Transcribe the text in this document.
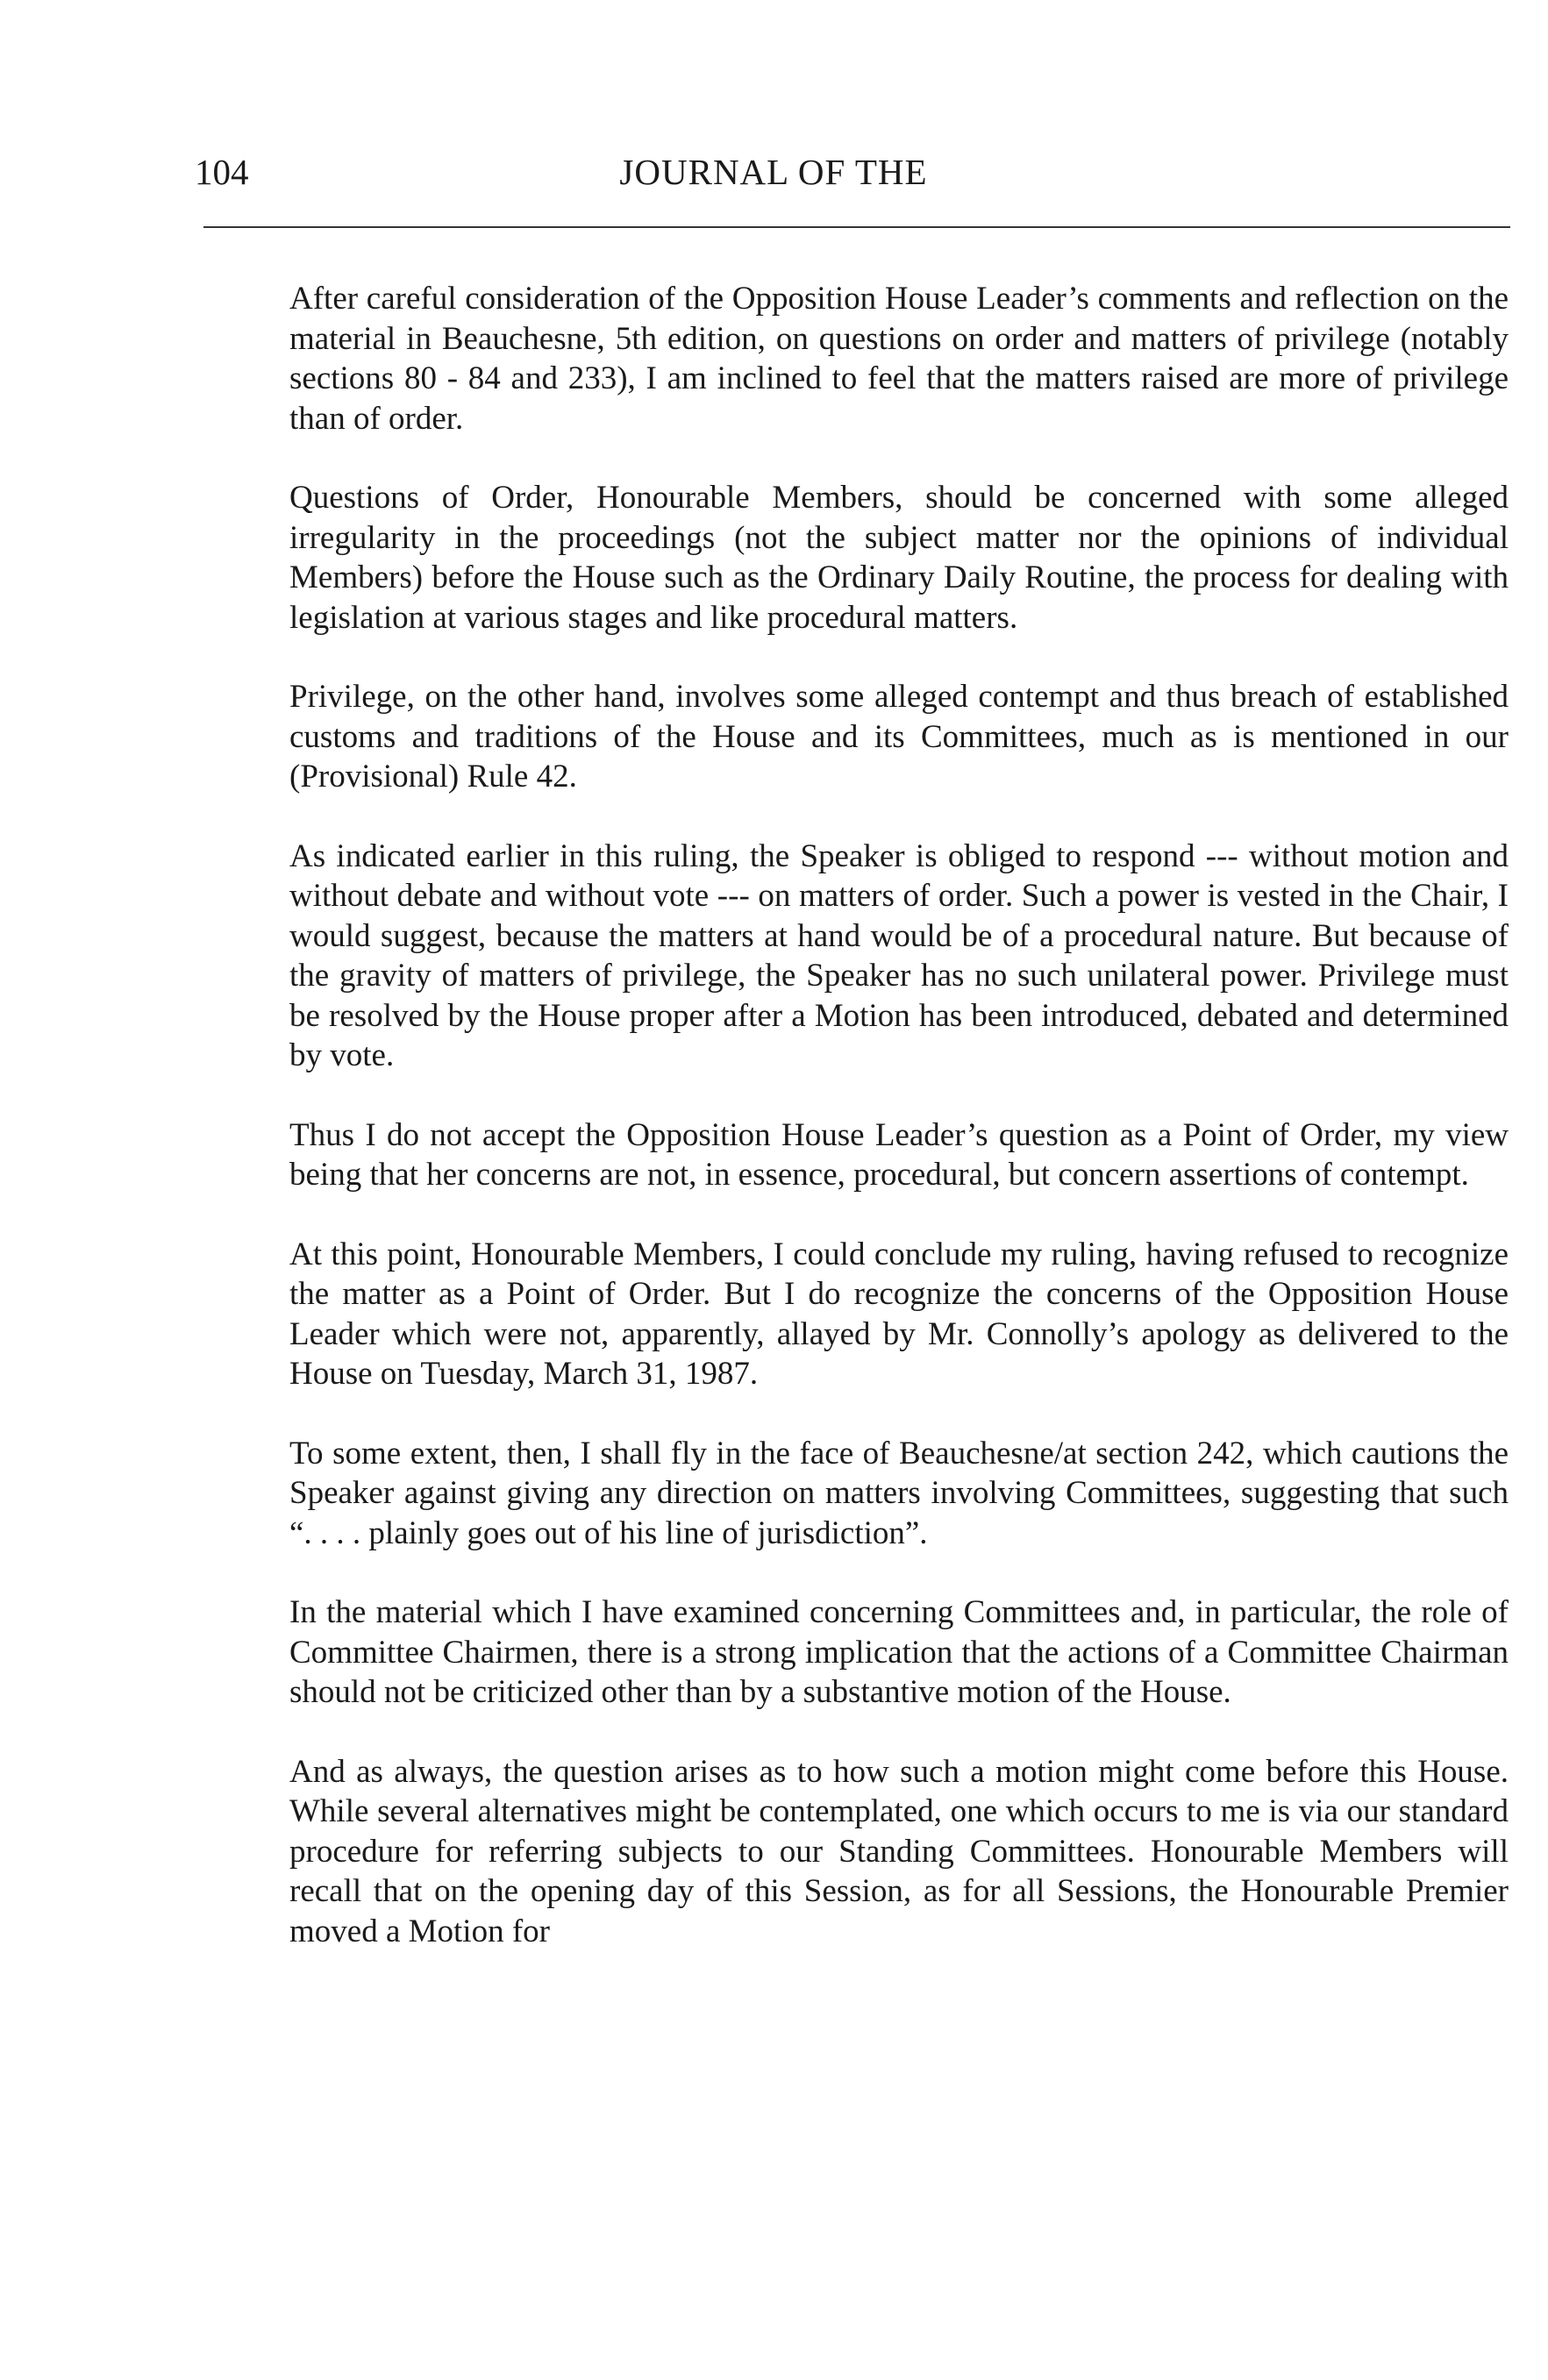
104	JOURNAL OF THE

After careful consideration of the Opposition House Leader’s comments and reflection on the material in Beauchesne, 5th edition, on questions on order and matters of privilege (notably sections 80 - 84 and 233), I am inclined to feel that the matters raised are more of privilege than of order.

Questions of Order, Honourable Members, should be concerned with some alleged irregularity in the proceedings (not the subject matter nor the opinions of individual Members) before the House such as the Ordinary Daily Routine, the process for dealing with legislation at various stages and like procedural matters.

Privilege, on the other hand, involves some alleged contempt and thus breach of established customs and traditions of the House and its Committees, much as is mentioned in our (Provisional) Rule 42.

As indicated earlier in this ruling, the Speaker is obliged to respond --- without motion and without debate and without vote --- on matters of order. Such a power is vested in the Chair, I would suggest, because the matters at hand would be of a procedural nature. But because of the gravity of matters of privilege, the Speaker has no such unilateral power. Privilege must be resolved by the House proper after a Motion has been introduced, debated and determined by vote.

Thus I do not accept the Opposition House Leader’s question as a Point of Order, my view being that her concerns are not, in essence, procedural, but concern assertions of contempt.

At this point, Honourable Members, I could conclude my ruling, having refused to recognize the matter as a Point of Order. But I do recognize the concerns of the Opposition House Leader which were not, apparently, allayed by Mr. Connolly’s apology as delivered to the House on Tuesday, March 31, 1987.

To some extent, then, I shall fly in the face of Beauchesne/at section 242, which cautions the Speaker against giving any direction on matters involving Committees, suggesting that such “. . . . plainly goes out of his line of jurisdiction”.

In the material which I have examined concerning Committees and, in particular, the role of Committee Chairmen, there is a strong implication that the actions of a Committee Chairman should not be criticized other than by a substantive motion of the House.

And as always, the question arises as to how such a motion might come before this House. While several alternatives might be contemplated, one which occurs to me is via our standard procedure for referring subjects to our Standing Committees. Honourable Members will recall that on the opening day of this Session, as for all Sessions, the Honourable Premier moved a Motion for
